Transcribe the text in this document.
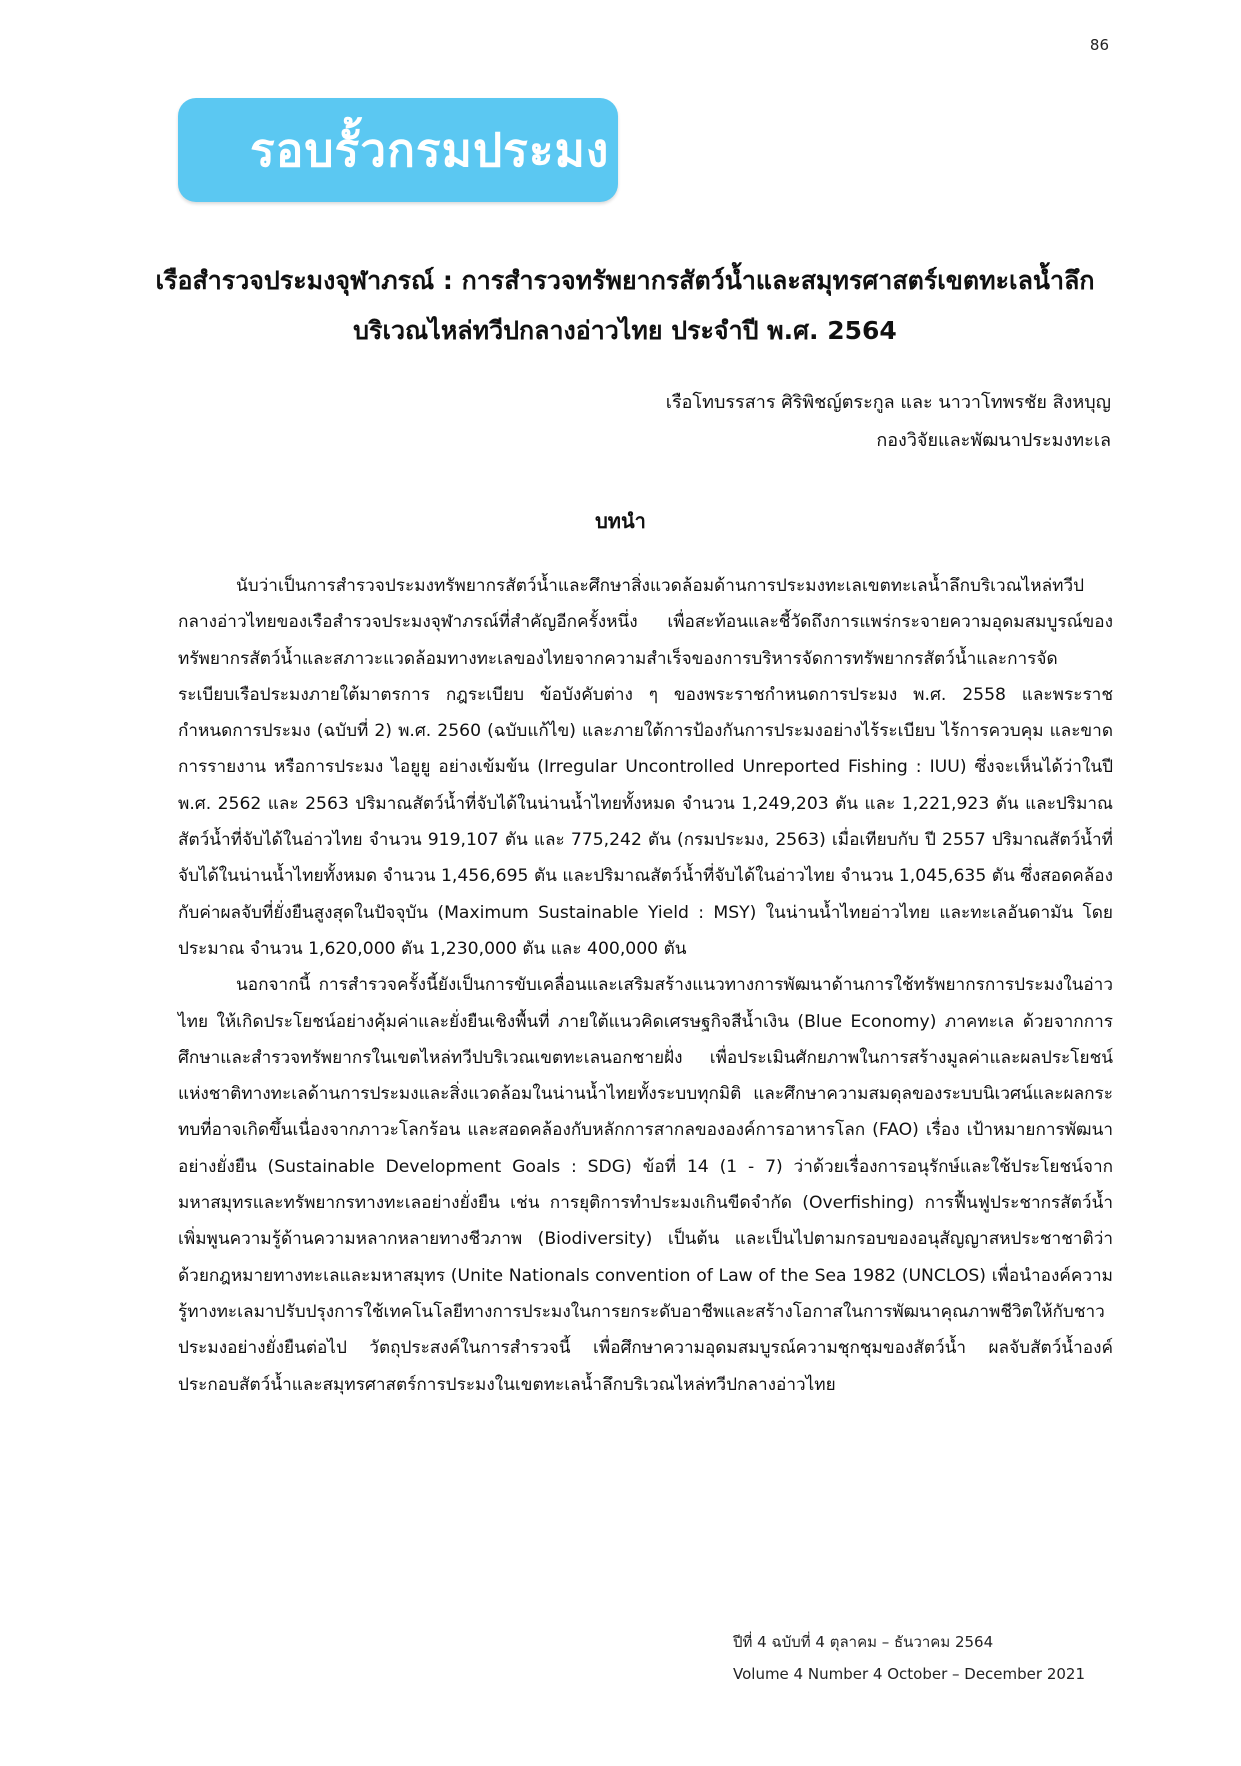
86
รอบรั้วกรมประมง
เรือสำรวจประมงจุฬาภรณ์ : การสำรวจทรัพยากรสัตว์น้ำและสมุทรศาสตร์เขตทะเลน้ำลึก
บริเวณไหล่ทวีปกลางอ่าวไทย ประจำปี พ.ศ. 2564
เรือโทบรรสาร ศิริพิชญ์ตระกูล และ นาวาโทพรชัย สิงหบุญ
กองวิจัยและพัฒนาประมงทะเล
บทนำ

นับว่าเป็นการสำรวจประมงทรัพยากรสัตว์น้ำและศึกษาสิ่งแวดล้อมด้านการประมงทะเลเขตทะเลน้ำลึกบริเวณไหล่ทวีปกลางอ่าวไทยของเรือสำรวจประมงจุฬาภรณ์ที่สำคัญอีกครั้งหนึ่ง เพื่อสะท้อนและชี้วัดถึงการแพร่กระจายความอุดมสมบูรณ์ของทรัพยากรสัตว์น้ำและสภาวะแวดล้อมทางทะเลของไทยจากความสำเร็จของการบริหารจัดการทรัพยากรสัตว์น้ำและการจัดระเบียบเรือประมงภายใต้มาตรการ กฎระเบียบ ข้อบังคับต่าง ๆ ของพระราชกำหนดการประมง พ.ศ. 2558 และพระราชกำหนดการประมง (ฉบับที่ 2) พ.ศ. 2560 (ฉบับแก้ไข) และภายใต้การป้องกันการประมงอย่างไร้ระเบียบ ไร้การควบคุม และขาดการรายงาน หรือการประมง ไอยูยู อย่างเข้มข้น (Irregular Uncontrolled Unreported Fishing : IUU) ซึ่งจะเห็นได้ว่าในปี พ.ศ. 2562 และ 2563 ปริมาณสัตว์น้ำที่จับได้ในน่านน้ำไทยทั้งหมด จำนวน 1,249,203 ตัน และ 1,221,923 ตัน และปริมาณสัตว์น้ำที่จับได้ในอ่าวไทย จำนวน 919,107 ตัน และ 775,242 ตัน (กรมประมง, 2563) เมื่อเทียบกับ ปี 2557 ปริมาณสัตว์น้ำที่จับได้ในน่านน้ำไทยทั้งหมด จำนวน 1,456,695 ตัน และปริมาณสัตว์น้ำที่จับได้ในอ่าวไทย จำนวน 1,045,635 ตัน ซึ่งสอดคล้องกับค่าผลจับที่ยั่งยืนสูงสุดในปัจจุบัน (Maximum Sustainable Yield : MSY) ในน่านน้ำไทยอ่าวไทย และทะเลอันดามัน โดยประมาณ จำนวน 1,620,000 ตัน 1,230,000 ตัน และ 400,000 ตัน

นอกจากนี้ การสำรวจครั้งนี้ยังเป็นการขับเคลื่อนและเสริมสร้างแนวทางการพัฒนาด้านการใช้ทรัพยากรการประมงในอ่าวไทย ให้เกิดประโยชน์อย่างคุ้มค่าและยั่งยืนเชิงพื้นที่ ภายใต้แนวคิดเศรษฐกิจสีน้ำเงิน (Blue Economy) ภาคทะเล ด้วยจากการศึกษาและสำรวจทรัพยากรในเขตไหล่ทวีปบริเวณเขตทะเลนอกชายฝั่ง เพื่อประเมินศักยภาพในการสร้างมูลค่าและผลประโยชน์แห่งชาติทางทะเลด้านการประมงและสิ่งแวดล้อมในน่านน้ำไทยทั้งระบบทุกมิติ และศึกษาความสมดุลของระบบนิเวศน์และผลกระทบที่อาจเกิดขึ้นเนื่องจากภาวะโลกร้อน และสอดคล้องกับหลักการสากลขององค์การอาหารโลก (FAO) เรื่อง เป้าหมายการพัฒนาอย่างยั่งยืน (Sustainable Development Goals : SDG) ข้อที่ 14 (1 - 7) ว่าด้วยเรื่องการอนุรักษ์และใช้ประโยชน์จากมหาสมุทรและทรัพยากรทางทะเลอย่างยั่งยืน เช่น การยุติการทำประมงเกินขีดจำกัด (Overfishing) การฟื้นฟูประชากรสัตว์น้ำ เพิ่มพูนความรู้ด้านความหลากหลายทางชีวภาพ (Biodiversity) เป็นต้น และเป็นไปตามกรอบของอนุสัญญาสหประชาชาติว่าด้วยกฎหมายทางทะเลและมหาสมุทร (Unite Nationals convention of Law of the Sea 1982 (UNCLOS) เพื่อนำองค์ความรู้ทางทะเลมาปรับปรุงการใช้เทคโนโลยีทางการประมงในการยกระดับอาชีพและสร้างโอกาสในการพัฒนาคุณภาพชีวิตให้กับชาวประมงอย่างยั่งยืนต่อไป วัตถุประสงค์ในการสำรวจนี้ เพื่อศึกษาความอุดมสมบูรณ์ความชุกชุมของสัตว์น้ำ ผลจับสัตว์น้ำองค์ประกอบสัตว์น้ำและสมุทรศาสตร์การประมงในเขตทะเลน้ำลึกบริเวณไหล่ทวีปกลางอ่าวไทย

ปีที่ 4 ฉบับที่ 4 ตุลาคม – ธันวาคม 2564
Volume 4 Number 4 October – December 2021
